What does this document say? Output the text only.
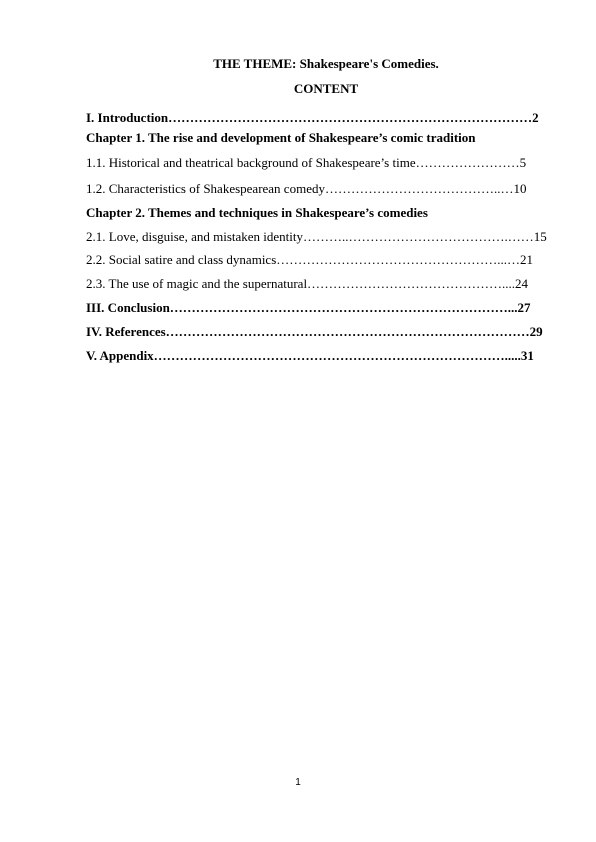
THE THEME: Shakespeare's Comedies.
CONTENT
I. Introduction…………………………………………………………………………2
Chapter 1. The rise and development of Shakespeare’s comic tradition
1.1. Historical and theatrical background of Shakespeare’s time……………………5
1.2. Characteristics of Shakespearean comedy…………………………………..…10
Chapter 2. Themes and techniques in Shakespeare’s comedies
2.1. Love, disguise, and mistaken identity………..……………………………….……15
2.2. Social satire and class dynamics……………………………………………...…21
2.3. The use of magic and the supernatural………………………………………....24
III. Conclusion……………………………………………………………………...27
IV. References…………………………………………………………………………29
V. Appendix……………………………………………………………………….....31
1
